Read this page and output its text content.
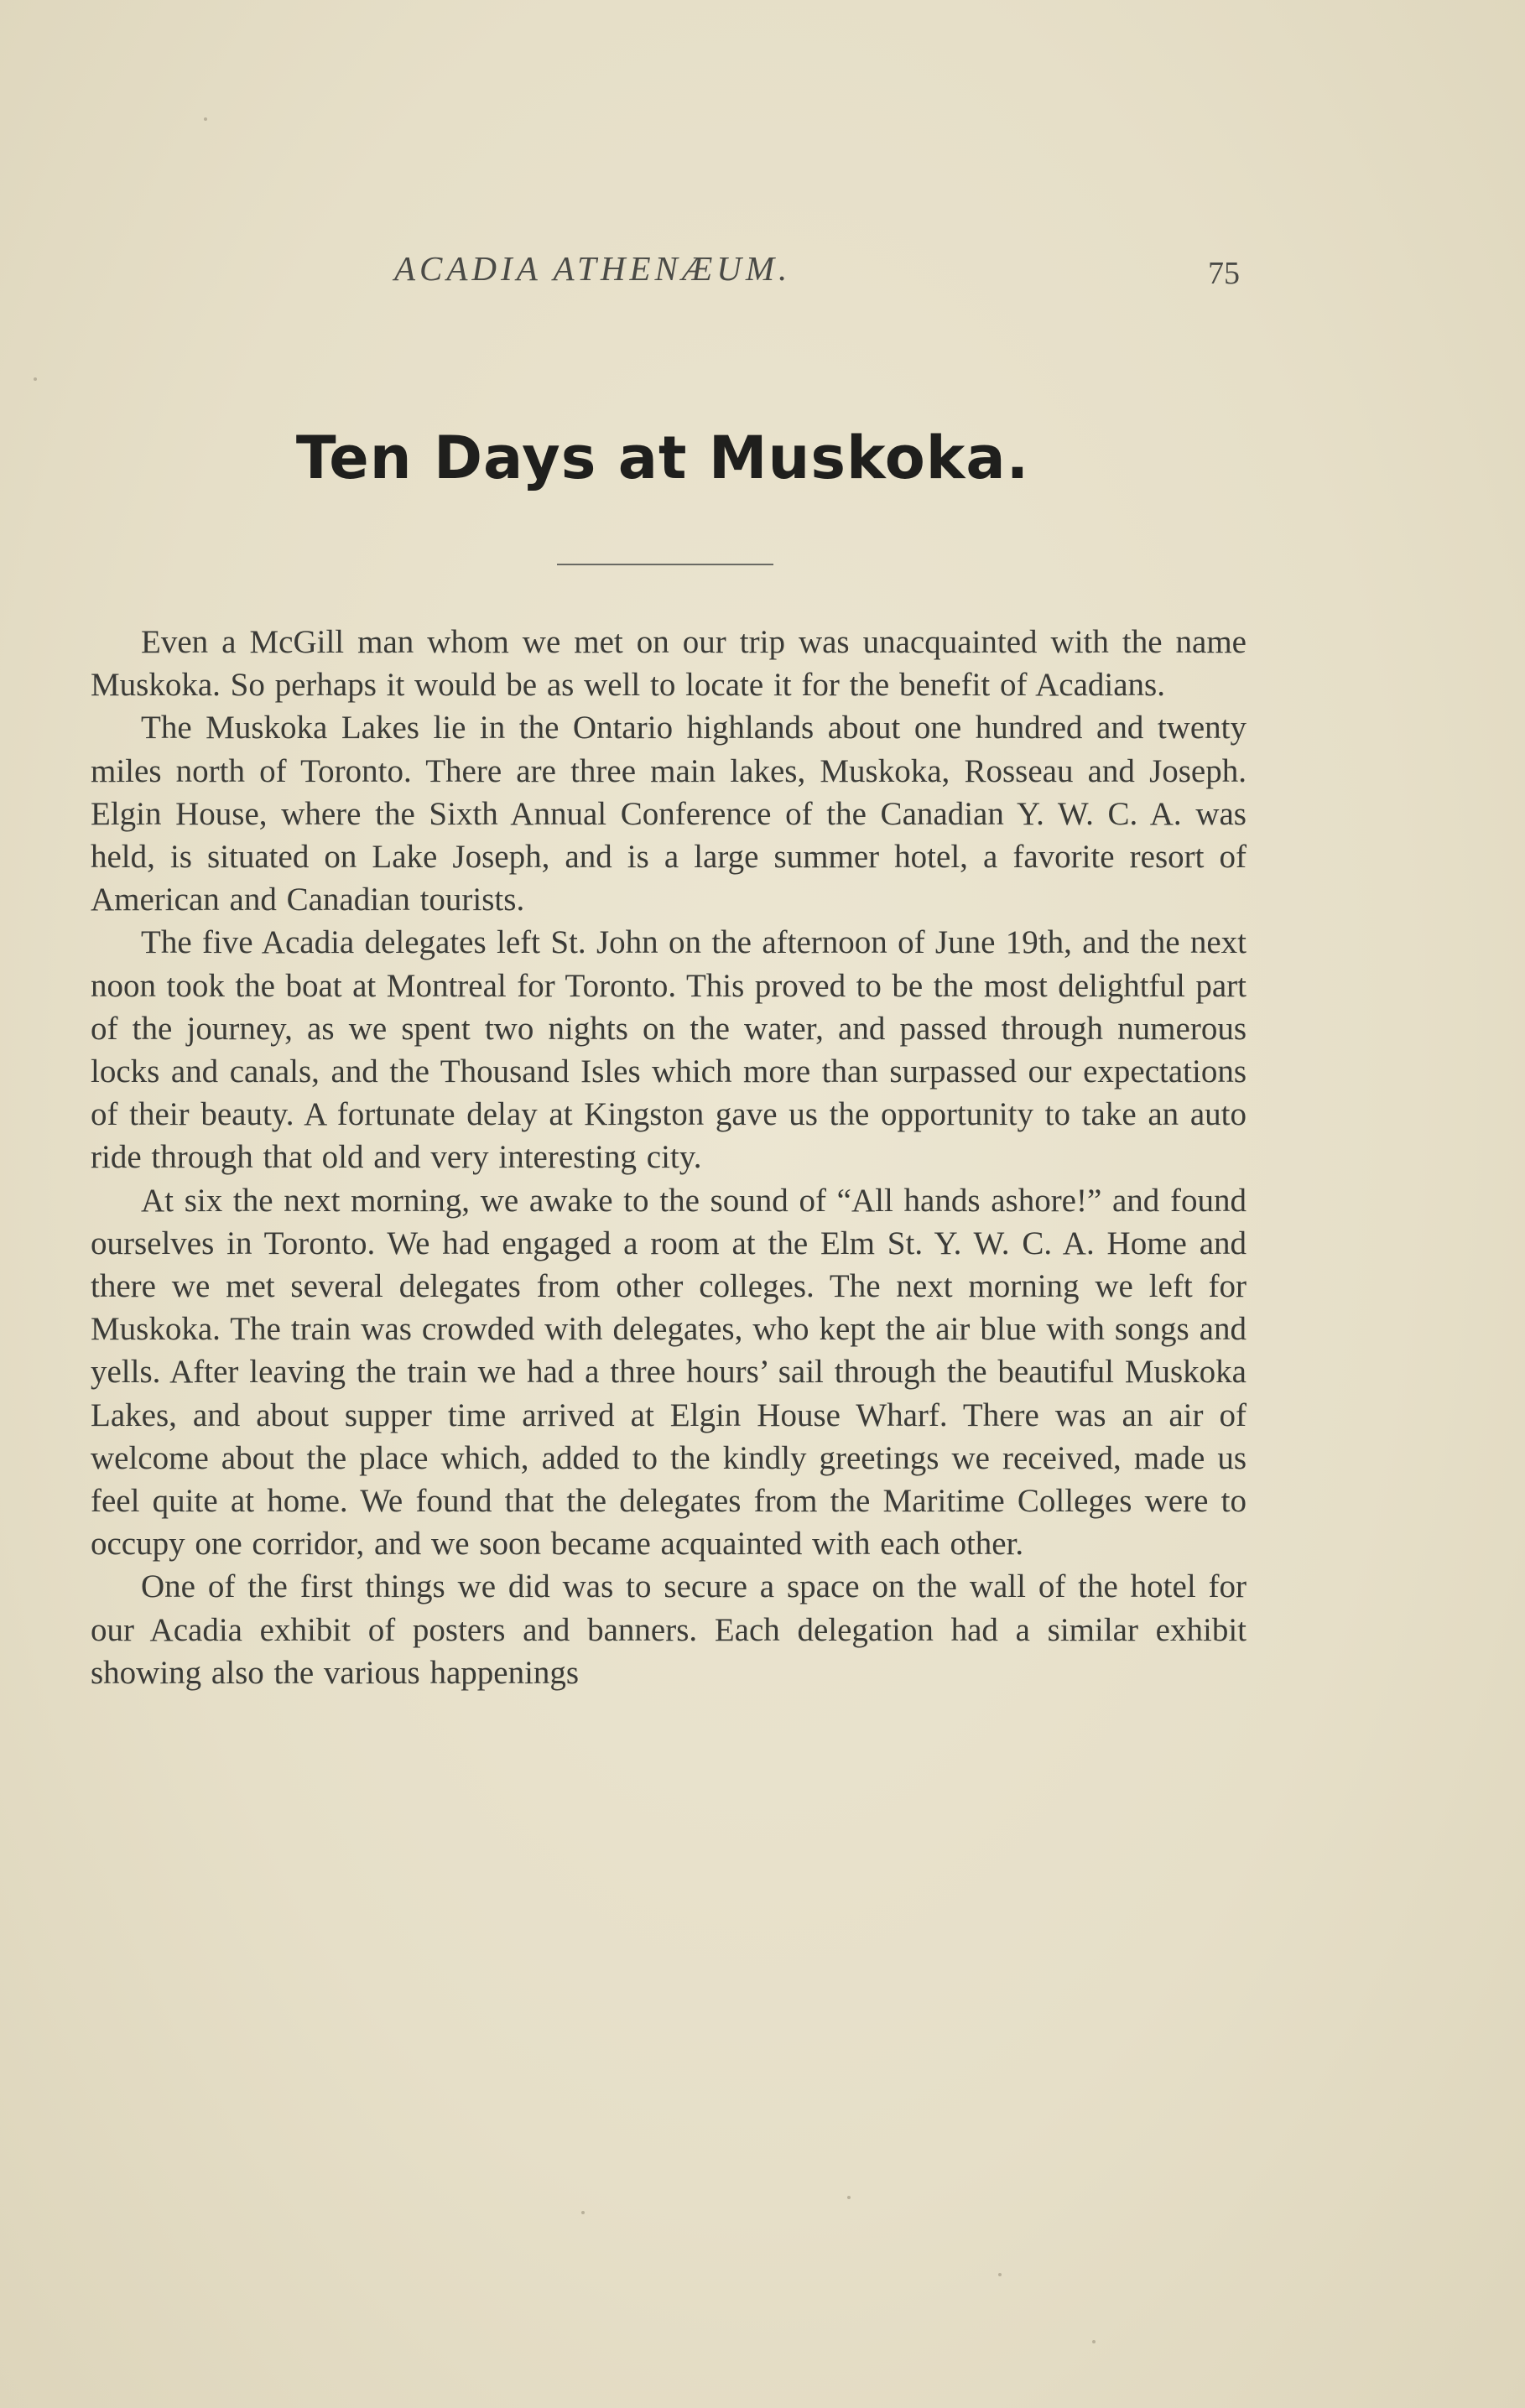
ACADIA ATHENÆUM.	75
Ten Days at Muskoka.

Even a McGill man whom we met on our trip was unacquainted with the name Muskoka. So perhaps it would be as well to locate it for the benefit of Acadians.

The Muskoka Lakes lie in the Ontario highlands about one hundred and twenty miles north of Toronto. There are three main lakes, Muskoka, Rosseau and Joseph. Elgin House, where the Sixth Annual Conference of the Canadian Y. W. C. A. was held, is situated on Lake Joseph, and is a large summer hotel, a favorite resort of American and Canadian tourists.

The five Acadia delegates left St. John on the afternoon of June 19th, and the next noon took the boat at Montreal for Toronto. This proved to be the most delightful part of the journey, as we spent two nights on the water, and passed through numerous locks and canals, and the Thousand Isles which more than surpassed our expectations of their beauty. A fortunate delay at Kingston gave us the opportunity to take an auto ride through that old and very interesting city.

At six the next morning, we awake to the sound of “All hands ashore!” and found ourselves in Toronto. We had engaged a room at the Elm St. Y. W. C. A. Home and there we met several delegates from other colleges. The next morning we left for Muskoka. The train was crowded with delegates, who kept the air blue with songs and yells. After leaving the train we had a three hours’ sail through the beautiful Muskoka Lakes, and about supper time arrived at Elgin House Wharf. There was an air of welcome about the place which, added to the kindly greetings we received, made us feel quite at home. We found that the delegates from the Maritime Colleges were to occupy one corridor, and we soon became acquainted with each other.

One of the first things we did was to secure a space on the wall of the hotel for our Acadia exhibit of posters and banners. Each delegation had a similar exhibit showing also the various happenings
